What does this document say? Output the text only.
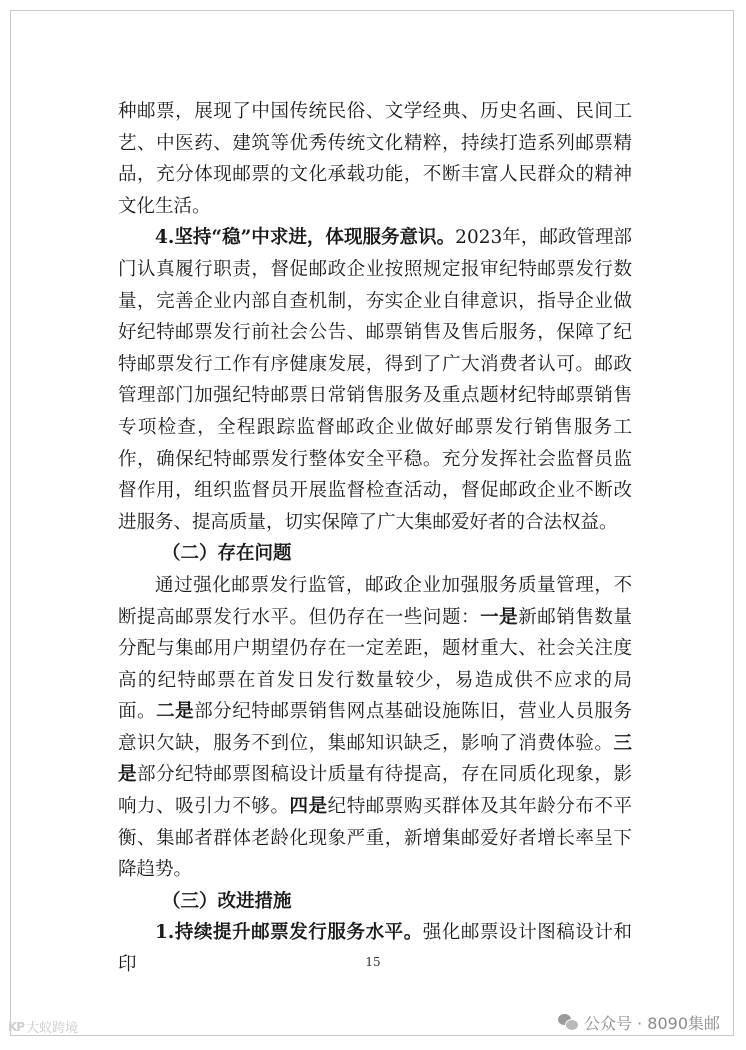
种邮票，展现了中国传统民俗、文学经典、历史名画、民间工艺、中医药、建筑等优秀传统文化精粹，持续打造系列邮票精品，充分体现邮票的文化承载功能，不断丰富人民群众的精神文化生活。

4.坚持“稳”中求进，体现服务意识。2023年，邮政管理部门认真履行职责，督促邮政企业按照规定报审纪特邮票发行数量，完善企业内部自查机制，夯实企业自律意识，指导企业做好纪特邮票发行前社会公告、邮票销售及售后服务，保障了纪特邮票发行工作有序健康发展，得到了广大消费者认可。邮政管理部门加强纪特邮票日常销售服务及重点题材纪特邮票销售专项检查，全程跟踪监督邮政企业做好邮票发行销售服务工作，确保纪特邮票发行整体安全平稳。充分发挥社会监督员监督作用，组织监督员开展监督检查活动，督促邮政企业不断改进服务、提高质量，切实保障了广大集邮爱好者的合法权益。

（二）存在问题

通过强化邮票发行监管，邮政企业加强服务质量管理，不断提高邮票发行水平。但仍存在一些问题：一是新邮销售数量分配与集邮用户期望仍存在一定差距，题材重大、社会关注度高的纪特邮票在首发日发行数量较少，易造成供不应求的局面。二是部分纪特邮票销售网点基础设施陈旧，营业人员服务意识欠缺，服务不到位，集邮知识缺乏，影响了消费体验。三是部分纪特邮票图稿设计质量有待提高，存在同质化现象，影响力、吸引力不够。四是纪特邮票购买群体及其年龄分布不平衡、集邮者群体老龄化现象严重，新增集邮爱好者增长率呈下降趋势。

（三）改进措施

1.持续提升邮票发行服务水平。强化邮票设计图稿设计和印	15
KP 大蚁跨境	公众号 · 8090集邮
